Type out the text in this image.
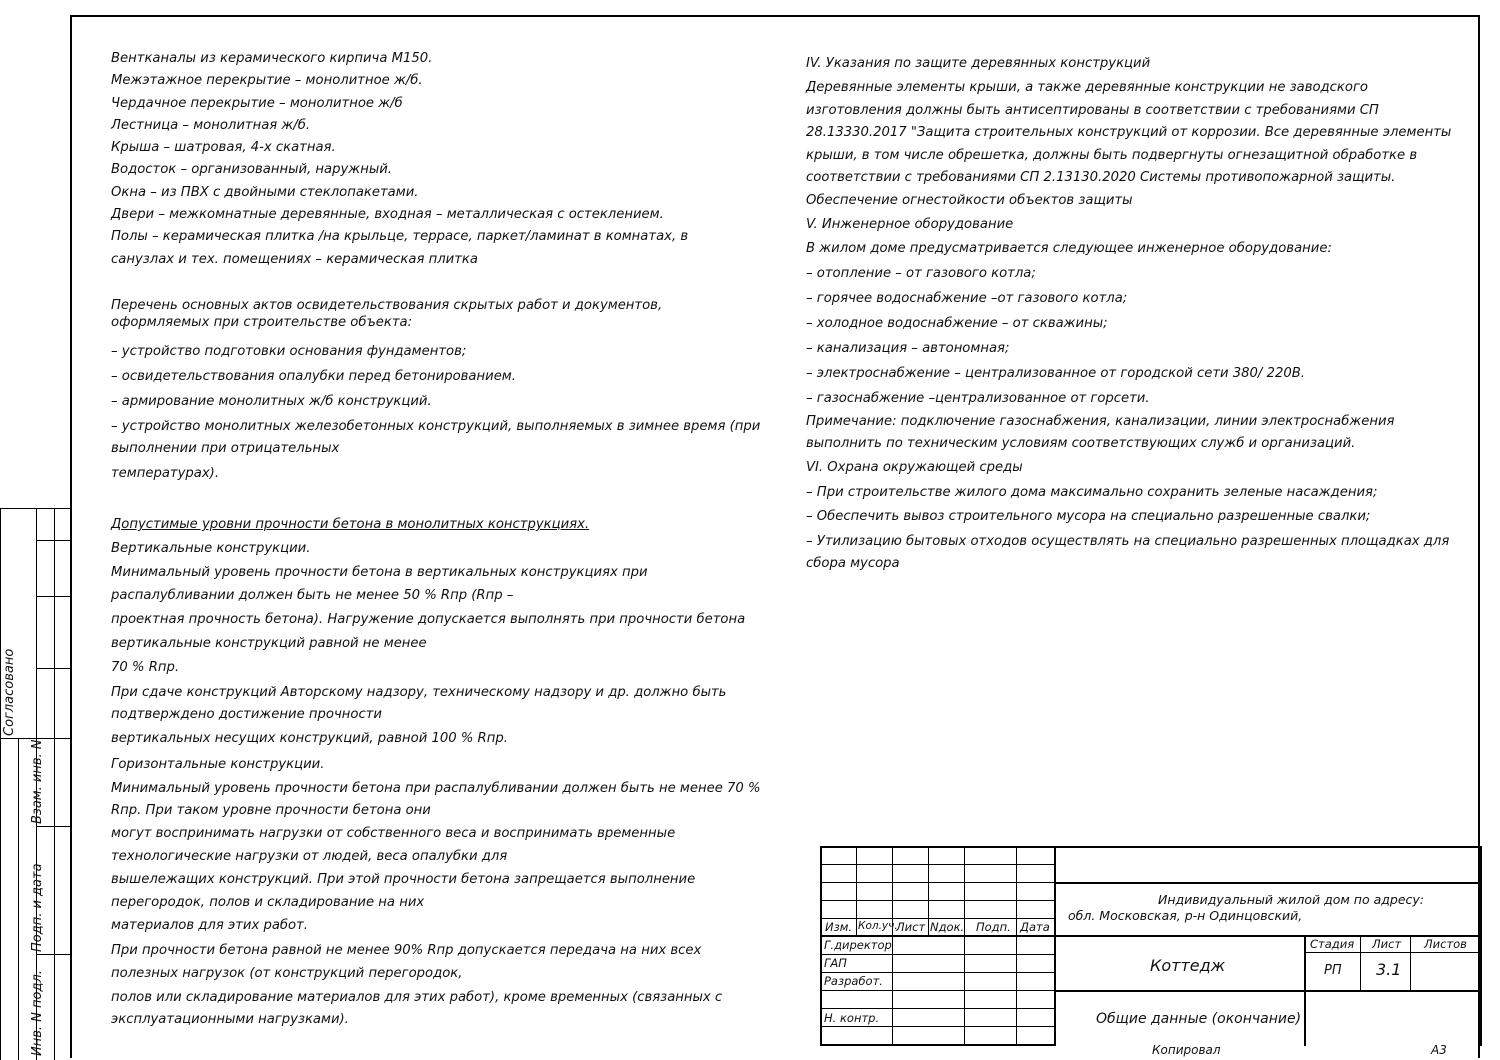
Согласовано
Взам. инв. N
Подп. и дата
Инв. N подл.

Вентканалы из керамического кирпича М150.

Межэтажное перекрытие – монолитное ж/б.

Чердачное перекрытие – монолитное ж/б

Лестница – монолитная ж/б.

Крыша – шатровая, 4-х скатная.

Водосток – организованный, наружный.

Окна – из ПВХ с двойными стеклопакетами.

Двери – межкомнатные деревянные, входная – металлическая с остеклением.

Полы – керамическая плитка /на крыльце, террасе, паркет/ламинат в комнатах, в

санузлах и тех. помещениях – керамическая плитка

Перечень основных актов освидетельствования скрытых работ и документов,

оформляемых при строительстве объекта:

– устройство подготовки основания фундаментов;

– освидетельствования опалубки перед бетонированием.

– армирование монолитных ж/б конструкций.

– устройство монолитных железобетонных конструкций, выполняемых в зимнее время (при

выполнении при отрицательных

температурах).

Допустимые уровни прочности бетона в монолитных конструкциях.

Вертикальные конструкции.

Минимальный уровень прочности бетона в вертикальных конструкциях при

распалубливании должен быть не менее 50 % Rпр (Rпр –

проектная прочность бетона). Нагружение допускается выполнять при прочности бетона

вертикальные конструкций равной не менее

70 % Rпр.

При сдаче конструкций Авторскому надзору, техническому надзору и др. должно быть

подтверждено достижение прочности

вертикальных несущих конструкций, равной 100 % Rпр.

Горизонтальные конструкции.

Минимальный уровень прочности бетона при распалубливании должен быть не менее 70 %

Rпр. При таком уровне прочности бетона они

могут воспринимать нагрузки от собственного веса и воспринимать временные

технологические нагрузки от людей, веса опалубки для

вышележащих конструкций. При этой прочности бетона запрещается выполнение

перегородок, полов и складирование на них

материалов для этих работ.

При прочности бетона равной не менее 90% Rпр допускается передача на них всех

полезных нагрузок (от конструкций перегородок,

полов или складирование материалов для этих работ), кроме временных (связанных с

эксплуатационными нагрузками).

IV. Указания по защите деревянных конструкций

Деревянные элементы крыши, а также деревянные конструкции не заводского

изготовления должны быть антисептированы в соответствии с требованиями СП

28.13330.2017 "Защита строительных конструкций от коррозии. Все деревянные элементы

крыши, в том числе обрешетка, должны быть подвергнуты огнезащитной обработке в

соответствии с требованиями СП 2.13130.2020 Системы противопожарной защиты.

Обеспечение огнестойкости объектов защиты

V. Инженерное оборудование

В жилом доме предусматривается следующее инженерное оборудование:

– отопление – от газового котла;

– горячее водоснабжение –от газового котла;

– холодное водоснабжение – от скважины;

– канализация – автономная;

– электроснабжение – централизованное от городской сети 380/ 220В.

– газоснабжение –централизованное от горсети.

Примечание: подключение газоснабжения, канализации, линии электроснабжения

выполнить по техническим условиям соответствующих служб и организаций.

VI. Охрана окружающей среды

– При строительстве жилого дома максимально сохранить зеленые насаждения;

– Обеспечить вывоз строительного мусора на специально разрешенные свалки;

– Утилизацию бытовых отходов осуществлять на специально разрешенных площадках для

сбора мусора

Изм. Кол.уч.
Лист Nдок. Подп. Дата
Г.директор
ГАП
Разработ.
Н. контр.
Индивидуальный жилой дом по адресу:
обл. Московская, р-н Одинцовский,
Коттедж
Общие данные (окончание)
Стадия Лист Листов
РП 3.1
Копировал	А3
